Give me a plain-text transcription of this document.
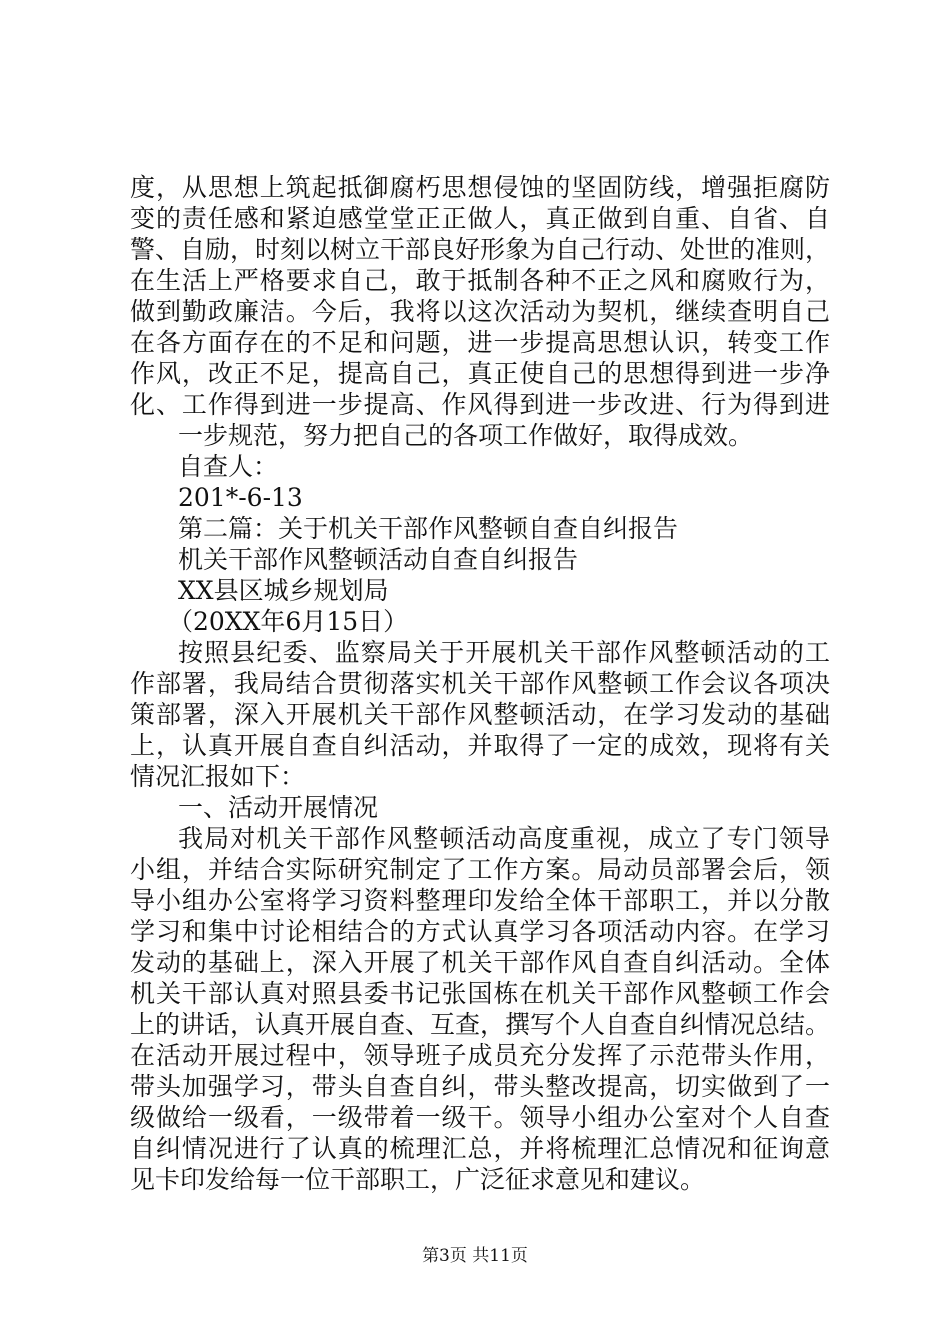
度，从思想上筑起抵御腐朽思想侵蚀的坚固防线，增强拒腐防
变的责任感和紧迫感堂堂正正做人，真正做到自重、自省、自
警、自励，时刻以树立干部良好形象为自己行动、处世的准则，
在生活上严格要求自己，敢于抵制各种不正之风和腐败行为，
做到勤政廉洁。今后，我将以这次活动为契机，继续查明自己
在各方面存在的不足和问题，进一步提高思想认识，转变工作
作风，改正不足，提高自己，真正使自己的思想得到进一步净
化、工作得到进一步提高、作风得到进一步改进、行为得到进
一步规范，努力把自己的各项工作做好，取得成效。
自查人：
201*-6-13
第二篇：关于机关干部作风整顿自查自纠报告
机关干部作风整顿活动自查自纠报告
XX县区城乡规划局
（20XX年6月15日）
按照县纪委、监察局关于开展机关干部作风整顿活动的工
作部署，我局结合贯彻落实机关干部作风整顿工作会议各项决
策部署，深入开展机关干部作风整顿活动，在学习发动的基础
上，认真开展自查自纠活动，并取得了一定的成效，现将有关
情况汇报如下：
一、活动开展情况
我局对机关干部作风整顿活动高度重视，成立了专门领导
小组，并结合实际研究制定了工作方案。局动员部署会后，领
导小组办公室将学习资料整理印发给全体干部职工，并以分散
学习和集中讨论相结合的方式认真学习各项活动内容。在学习
发动的基础上，深入开展了机关干部作风自查自纠活动。全体
机关干部认真对照县委书记张国栋在机关干部作风整顿工作会
上的讲话，认真开展自查、互查，撰写个人自查自纠情况总结。
在活动开展过程中，领导班子成员充分发挥了示范带头作用，
带头加强学习，带头自查自纠，带头整改提高，切实做到了一
级做给一级看，一级带着一级干。领导小组办公室对个人自查
自纠情况进行了认真的梳理汇总，并将梳理汇总情况和征询意
见卡印发给每一位干部职工，广泛征求意见和建议。
第3页 共11页
